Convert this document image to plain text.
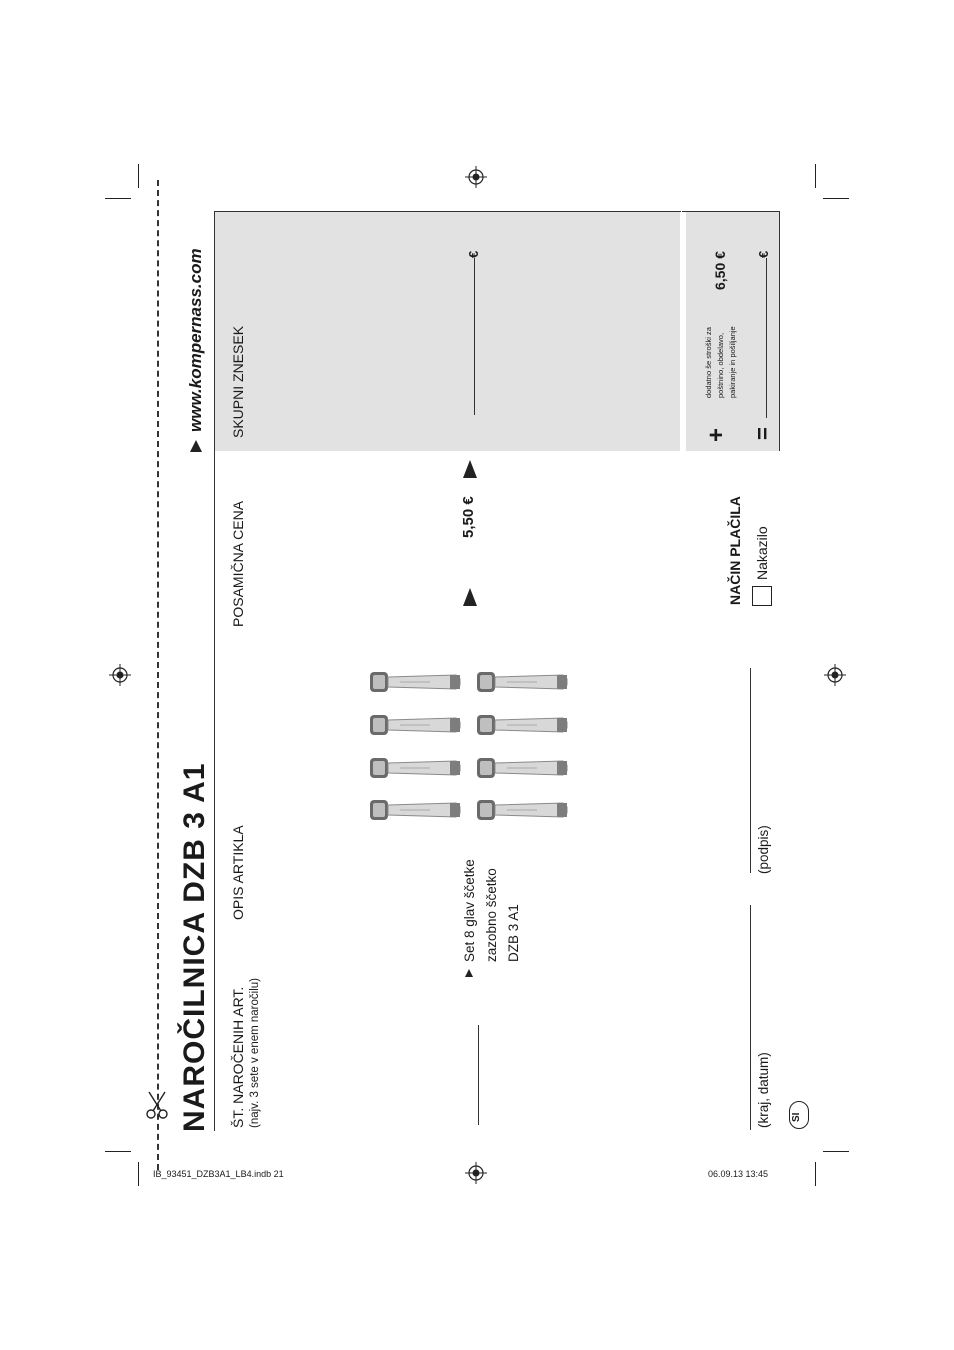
www.kompernass.com
NAROČILNICA DZB 3 A1 ŠT. NAROČENIH ART. (najv. 3 sete v enem naročilu)
OPIS ARTIKLA
POSAMIČNA CENA
SKUPNI ZNESEK
Set 8 glav ščetke zazobno ščetko DZB 3 A1
5,50 €
€
+
dodatno še stroški za poštnino, obdelavo, pakiranje in pošiljanje
6,50 €
=
€
NAČIN PLAČILA Nakazilo
(kraj, datum)
(podpis)
SI
IB_93451_DZB3A1_LB4.indb 21	06.09.13 13:45
